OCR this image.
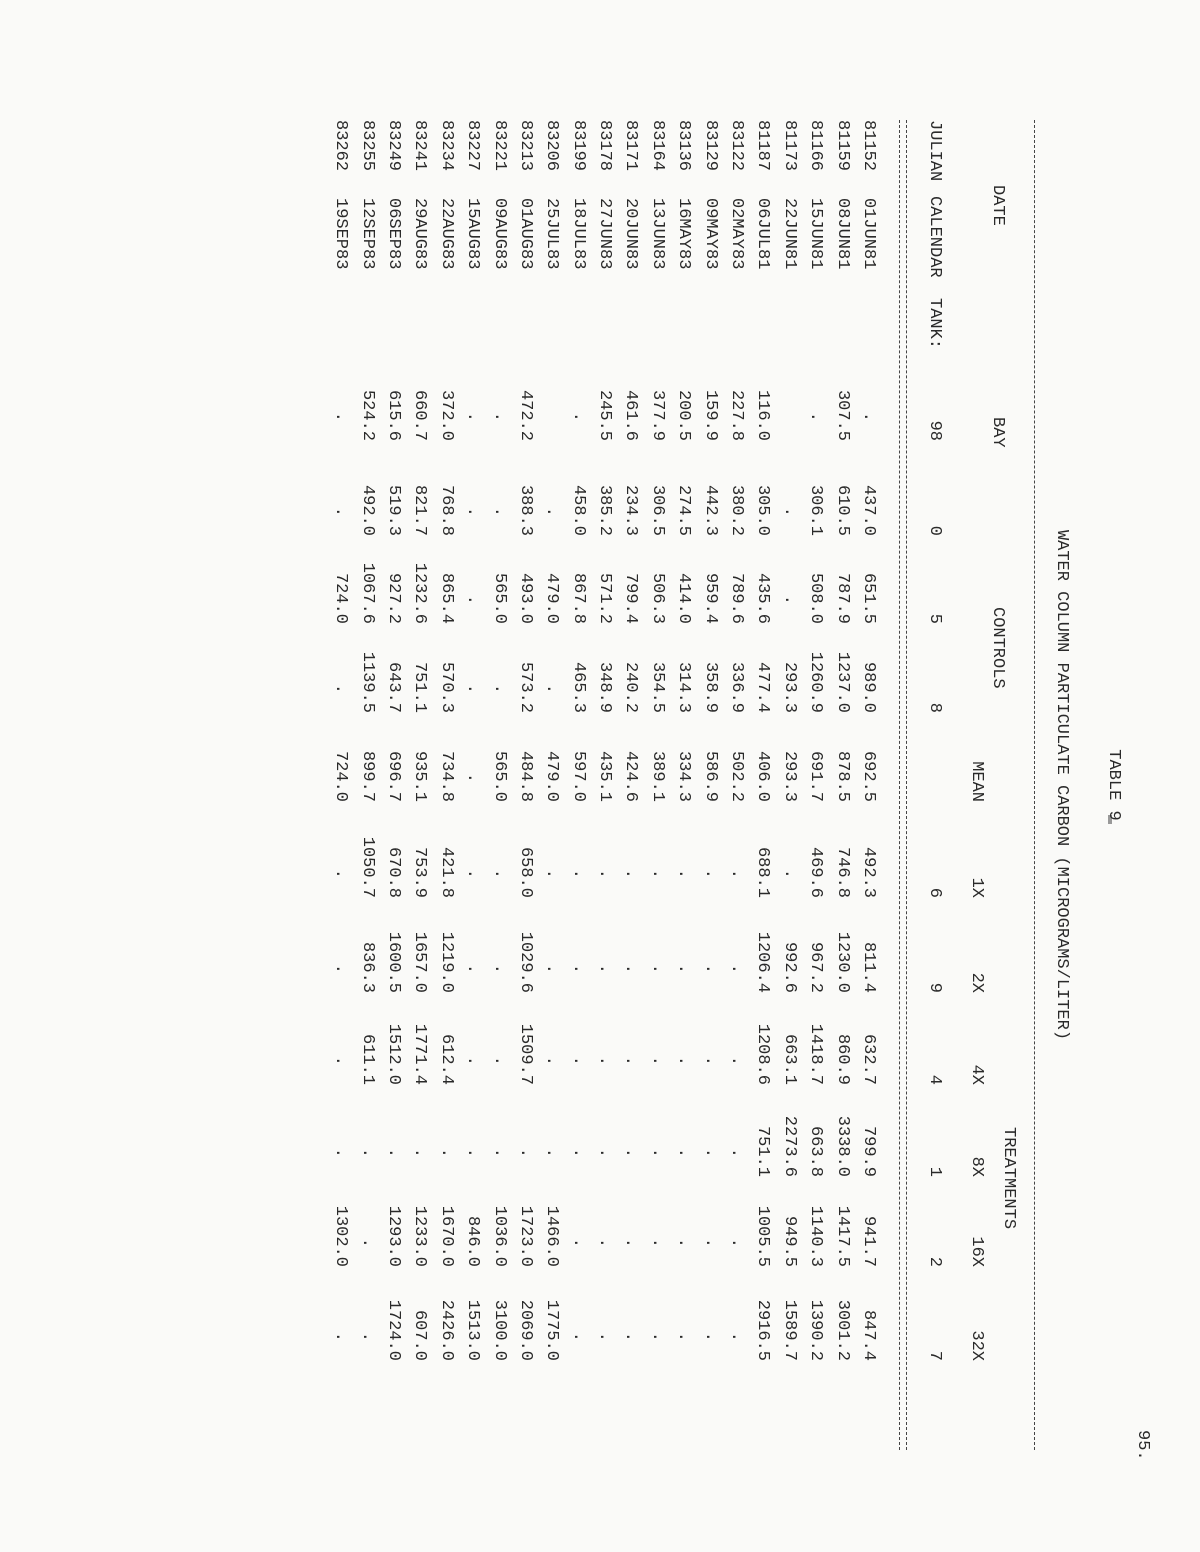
95.
TABLE 9
WATER COLUMN PARTICULATE CARBON (MICROGRAMS/LITER)
DATE
BAY
CONTROLS
TREATMENTS
JULIAN
CALENDAR
TANK:
98
0
5
8
MEAN
1X
6
2X
9
4X
4
8X
1
16X
2
32X
7
81152
01JUN81
.
437.0
651.5
989.0
692.5
492.3
811.4
632.7
799.9
941.7
847.4
81159
08JUN81
307.5
610.5
787.9
1237.0
878.5
746.8
1230.0
860.9
3338.0
1417.5
3001.2
81166
15JUN81
.
306.1
508.0
1260.9
691.7
469.6
967.2
1418.7
663.8
1140.3
1390.2
81173
22JUN81
.
.
293.3
293.3
.
992.6
663.1
2273.6
949.5
1589.7
81187
06JUL81
116.0
305.0
435.6
477.4
406.0
688.1
1206.4
1208.6
751.1
1005.5
2916.5
83122
02MAY83
227.8
380.2
789.6
336.9
502.2
.
.
.
.
.
.
83129
09MAY83
159.9
442.3
959.4
358.9
586.9
.
.
.
.
.
.
83136
16MAY83
200.5
274.5
414.0
314.3
334.3
.
.
.
.
.
.
83164
13JUN83
377.9
306.5
506.3
354.5
389.1
.
.
.
.
.
.
83171
20JUN83
461.6
234.3
799.4
240.2
424.6
.
.
.
.
.
.
83178
27JUN83
245.5
385.2
571.2
348.9
435.1
.
.
.
.
.
.
83199
18JUL83
.
458.0
867.8
465.3
597.0
.
.
.
.
.
.
83206
25JUL83
.
479.0
.
479.0
.
.
.
.
1466.0
1775.0
83213
01AUG83
472.2
388.3
493.0
573.2
484.8
658.0
1029.6
1509.7
.
1723.0
2069.0
83221
09AUG83
.
.
565.0
.
565.0
.
.
.
.
1036.0
3100.0
83227
15AUG83
.
.
.
.
.
.
.
.
.
846.0
1513.0
83234
22AUG83
372.0
768.8
865.4
570.3
734.8
421.8
1219.0
612.4
.
1670.0
2426.0
83241
29AUG83
660.7
821.7
1232.6
751.1
935.1
753.9
1657.0
1771.4
.
1233.0
607.0
83249
06SEP83
615.6
519.3
927.2
643.7
696.7
670.8
1600.5
1512.0
.
1293.0
1724.0
83255
12SEP83
524.2
492.0
1067.6
1139.5
899.7
1050.7
836.3
611.1
.
.
.
83262
19SEP83
.
.
724.0
.
724.0
.
.
.
.
1302.0
.
